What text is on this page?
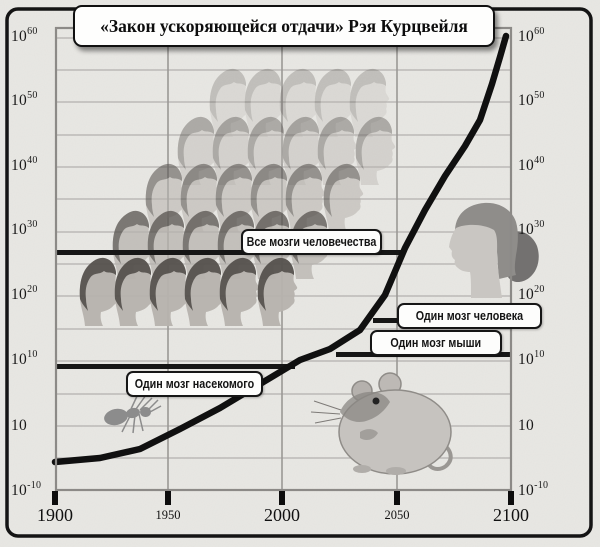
$10^{60}$
$10^{50}$
$10^{40}$
$10^{30}$
$10^{20}$
$10^{10}$
10
$10^{-10}$
$10^{60}$
$10^{50}$
$10^{40}$
$10^{30}$
$10^{20}$
$10^{10}$
10
$10^{-10}$
1900	1950	2000	2050	2100
Все мозги человечества
Один мозг человека
Один мозг мыши
Один мозг насекомого
«Закон ускоряющейся отдачи» Рэя Курцвейля
